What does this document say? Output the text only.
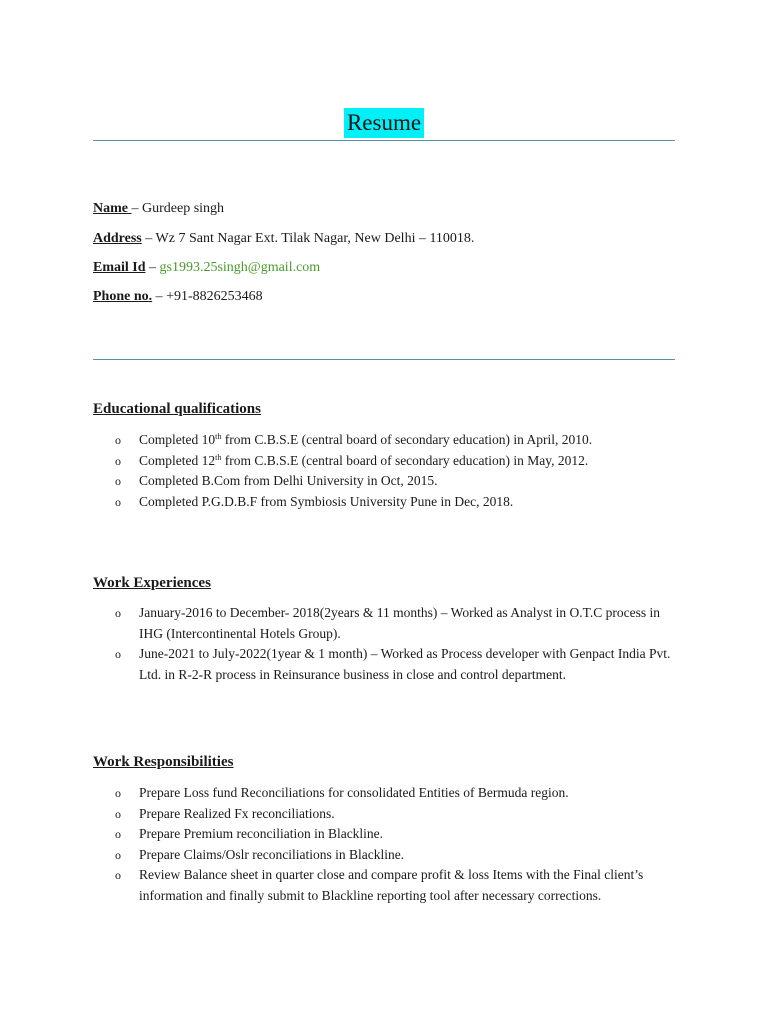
Resume
Name – Gurdeep singh
Address – Wz 7 Sant Nagar Ext. Tilak Nagar, New Delhi – 110018.
Email Id – gs1993.25singh@gmail.com
Phone no. – +91-8826253468
Educational qualifications
o Completed 10th from C.B.S.E (central board of secondary education) in April, 2010.
o Completed 12th from C.B.S.E (central board of secondary education) in May, 2012.
o Completed B.Com from Delhi University in Oct, 2015.
o Completed P.G.D.B.F from Symbiosis University Pune in Dec, 2018.
Work Experiences
o January-2016 to December- 2018(2years & 11 months) – Worked as Analyst in O.T.C process in IHG (Intercontinental Hotels Group).
o June-2021 to July-2022(1year & 1 month) – Worked as Process developer with Genpact India Pvt. Ltd. in R-2-R process in Reinsurance business in close and control department.
Work Responsibilities
o Prepare Loss fund Reconciliations for consolidated Entities of Bermuda region.
o Prepare Realized Fx reconciliations.
o Prepare Premium reconciliation in Blackline.
o Prepare Claims/Oslr reconciliations in Blackline.
o Review Balance sheet in quarter close and compare profit & loss Items with the Final client’s information and finally submit to Blackline reporting tool after necessary corrections.
